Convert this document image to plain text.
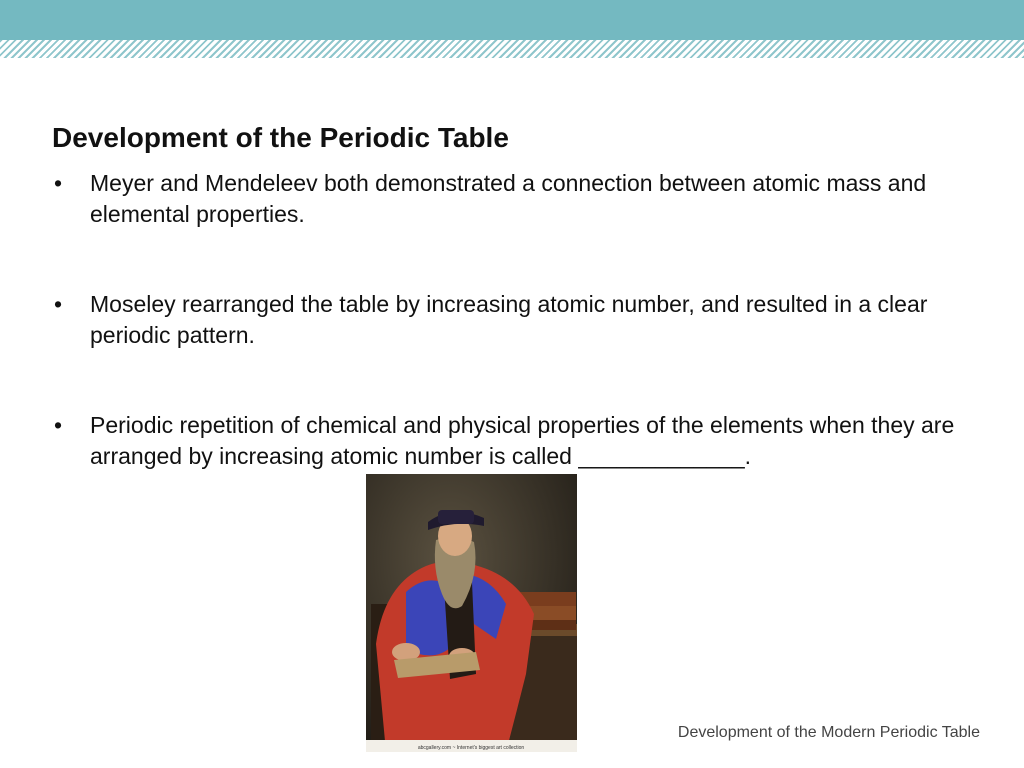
Development of the Periodic Table
• Meyer and Mendeleev both demonstrated a connection between atomic mass and elemental properties.
• Moseley rearranged the table by increasing atomic number, and resulted in a clear periodic pattern.
• Periodic repetition of chemical and physical properties of the elements when they are arranged by increasing atomic number is called _____________.
abcgallery.com ~ Internet's biggest art collection
Development of the Modern Periodic Table
